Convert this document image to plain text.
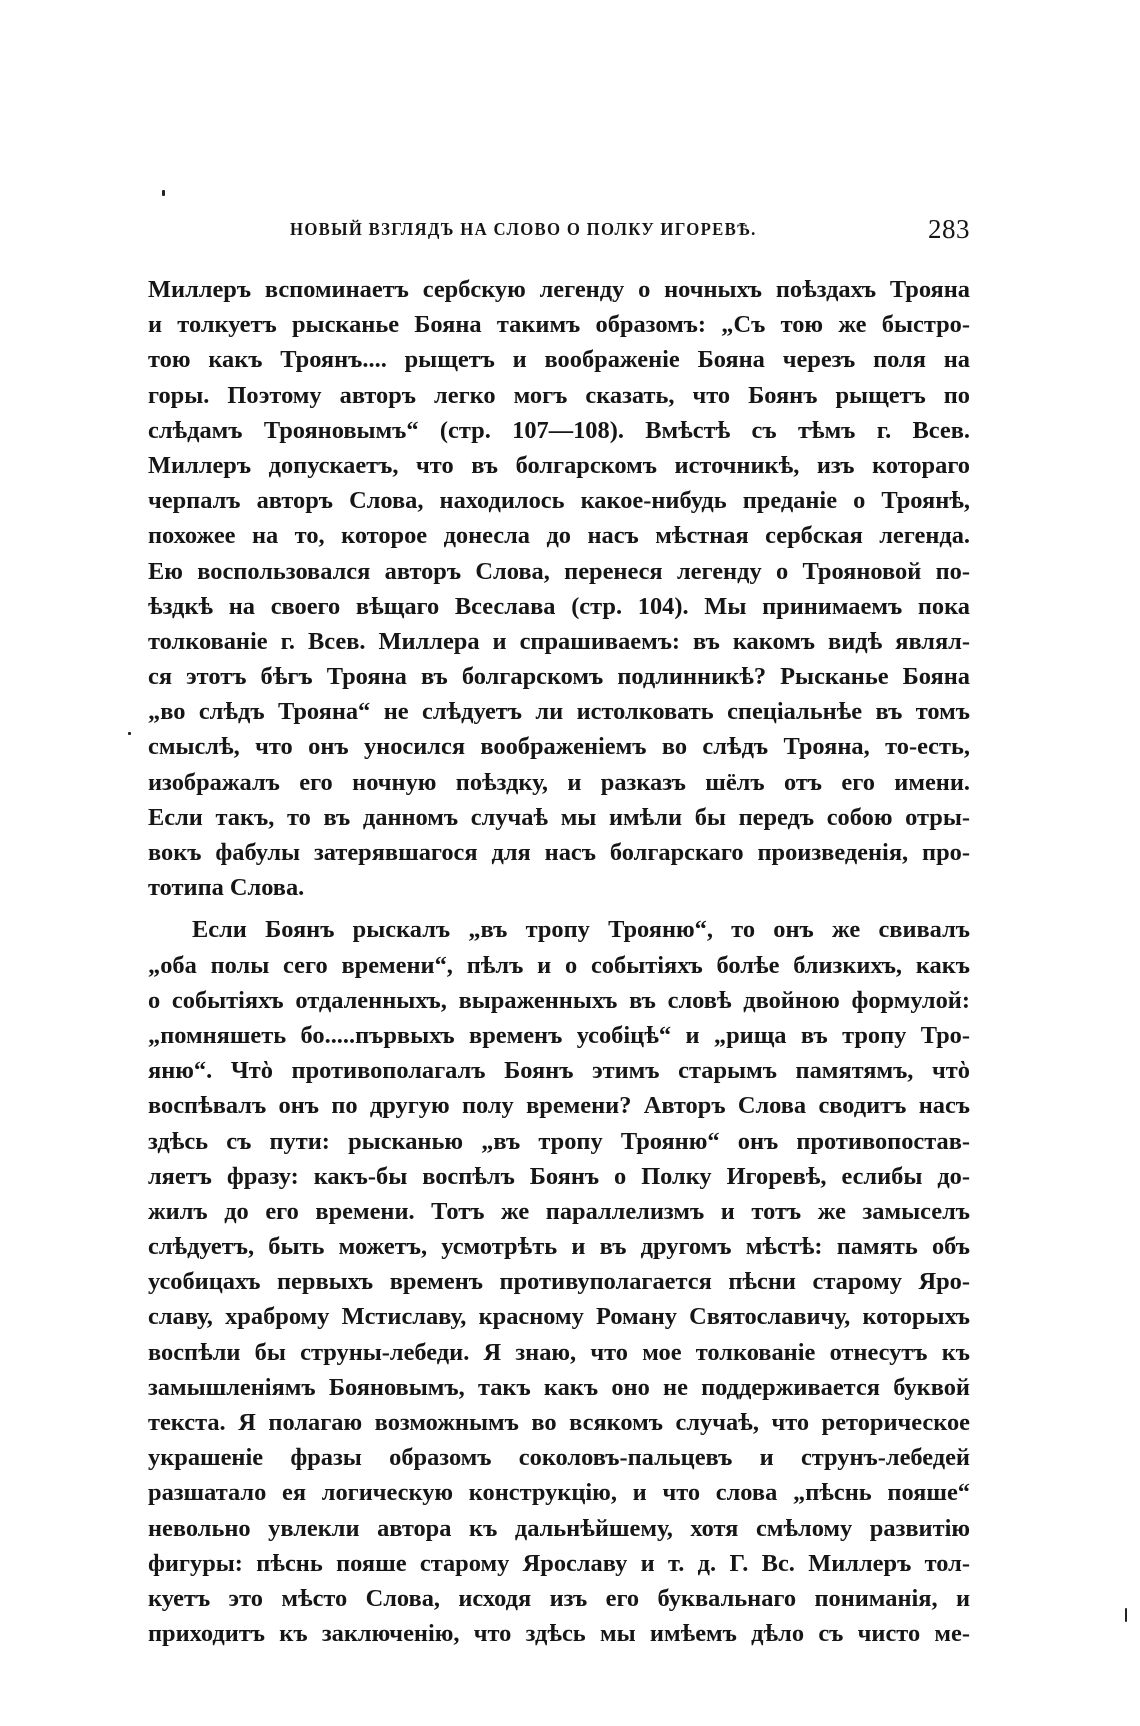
НОВЫЙ ВЗГЛЯДЪ НА СЛОВО О ПОЛКУ ИГОРЕВѢ.	283
Миллеръ вспоминаетъ сербскую легенду о ночныхъ поѣздахъ Трояна
и толкуетъ рысканье Бояна такимъ образомъ: „Съ тою же быстро-
тою какъ Троянъ.... рыщетъ и воображеніе Бояна черезъ поля на
горы. Поэтому авторъ легко могъ сказать, что Боянъ рыщетъ по
слѣдамъ Трояновымъ“ (стр. 107—108). Вмѣстѣ съ тѣмъ г. Всев.
Миллеръ допускаетъ, что въ болгарскомъ источникѣ, изъ котораго
черпалъ авторъ Слова, находилось какое-нибудь преданіе о Троянѣ,
похожее на то, которое донесла до насъ мѣстная сербская легенда.
Ею воспользовался авторъ Слова, перенеся легенду о Трояновой по-
ѣздкѣ на своего вѣщаго Всеслава (стр. 104). Мы принимаемъ пока
толкованіе г. Всев. Миллера и спрашиваемъ: въ какомъ видѣ являл-
ся этотъ бѣгъ Трояна въ болгарскомъ подлинникѣ? Рысканье Бояна
„во слѣдъ Трояна“ не слѣдуетъ ли истолковать спеціальнѣе въ томъ
смыслѣ, что онъ уносился воображеніемъ во слѣдъ Трояна, то-есть,
изображалъ его ночную поѣздку, и разказъ шёлъ отъ его имени.
Если такъ, то въ данномъ случаѣ мы имѣли бы передъ собою отры-
вокъ фабулы затерявшагося для насъ болгарскаго произведенія, про-
тотипа Слова.
Если Боянъ рыскалъ „въ тропу Трояню“, то онъ же свивалъ
„оба полы сего времени“, пѣлъ и о событіяхъ болѣе близкихъ, какъ
о событіяхъ отдаленныхъ, выраженныхъ въ словѣ двойною формулой:
„помняшеть бо.....първыхъ временъ усобіцѣ“ и „рища въ тропу Тро-
яню“. Чтὸ противополагалъ Боянъ этимъ старымъ памятямъ, чтὸ
воспѣвалъ онъ по другую полу времени? Авторъ Слова сводитъ насъ
здѣсь съ пути: рысканью „въ тропу Трояню“ онъ противопостав-
ляетъ фразу: какъ-бы воспѣлъ Боянъ о Полку Игоревѣ, еслибы до-
жилъ до его времени. Тотъ же параллелизмъ и тотъ же замыселъ
слѣдуетъ, быть можетъ, усмотрѣть и въ другомъ мѣстѣ: память объ
усобицахъ первыхъ временъ противуполагается пѣсни старому Яро-
славу, храброму Мстиславу, красному Роману Святославичу, которыхъ
воспѣли бы струны-лебеди. Я знаю, что мое толкованіе отнесутъ къ
замышленіямъ Бояновымъ, такъ какъ оно не поддерживается буквой
текста. Я полагаю возможнымъ во всякомъ случаѣ, что реторическое
украшеніе фразы образомъ соколовъ-пальцевъ и струнъ-лебедей
разшатало ея логическую конструкцію, и что слова „пѣснь пояше“
невольно увлекли автора къ дальнѣйшему, хотя смѣлому развитію
фигуры: пѣснь пояше старому Ярославу и т. д. Г. Вс. Миллеръ тол-
куетъ это мѣсто Слова, исходя изъ его буквальнаго пониманія, и
приходитъ къ заключенію, что здѣсь мы имѣемъ дѣло съ чисто ме-
